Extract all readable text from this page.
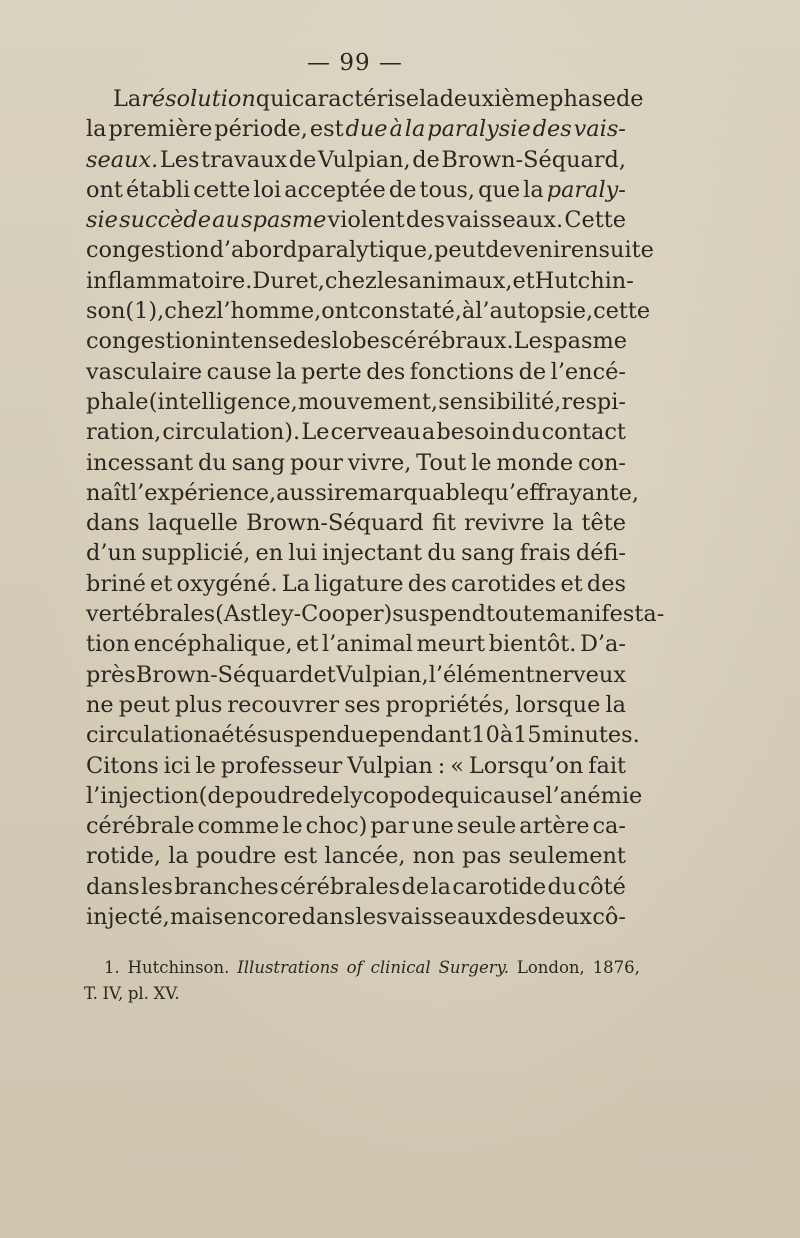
— 99 —
La résolution qui caractérise la deuxième phase de
la première période, est due à la paralysie des vais-
seaux. Les travaux de Vulpian, de Brown-Séquard,
ont établi cette loi acceptée de tous, que la paraly-
sie succède au spasme violent des vaisseaux. Cette
congestion d’abord paralytique, peut devenir ensuite
inflammatoire. Duret, chez les animaux,et Hutchin-
son (1), chez l’homme, ont constaté, à l’autopsie, cette
congestion intense des lobes cérébraux. Le spasme
vasculaire cause la perte des fonctions de l’encé-
phale (intelligence, mouvement, sensibilité, respi-
ration, circulation). Le cerveau a besoin du contact
incessant du sang pour vivre, Tout le monde con-
naît l’expérience, aussi remarquable qu’effrayante,
dans laquelle Brown-Séquard fit revivre la tête
d’un supplicié, en lui injectant du sang frais défi-
briné et oxygéné. La ligature des carotides et des
vertébrales (Astley-Cooper) suspend toute manifesta-
tion encéphalique, et l’animal meurt bientôt. D’a-
près Brown-Séquard et Vulpian, l’élément nerveux
ne peut plus recouvrer ses propriétés, lorsque la
circulation a été suspendue pendant 10 à 15 minutes.
Citons ici le professeur Vulpian : « Lorsqu’on fait
l’injection (de poudre de lycopode qui cause l’anémie
cérébrale comme le choc) par une seule artère ca-
rotide, la poudre est lancée, non pas seulement
dans les branches cérébrales de la carotide du côté
injecté, mais encore dans les vaisseaux des deux cô-
1. Hutchinson. Illustrations of clinical Surgery. London, 1876,
T. IV, pl. XV.
